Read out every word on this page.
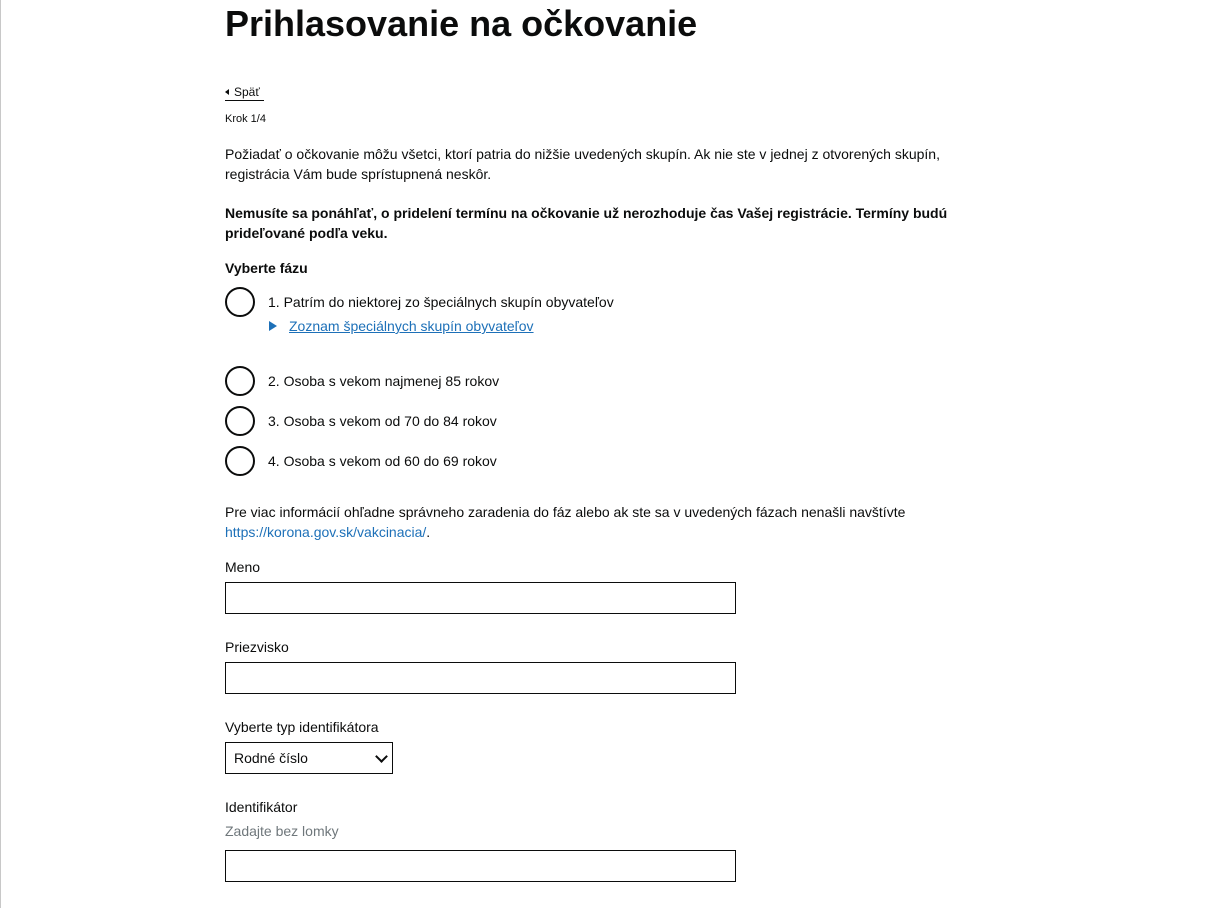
Prihlasovanie na očkovanie
Späť
Krok 1/4

Požiadať o očkovanie môžu všetci, ktorí patria do nižšie uvedených skupín. Ak nie ste v jednej z otvorených skupín, registrácia Vám bude sprístupnená neskôr.

Nemusíte sa ponáhľať, o pridelení termínu na očkovanie už nerozhoduje čas Vašej registrácie. Termíny budú prideľované podľa veku.

Vyberte fázu
1. Patrím do niektorej zo špeciálnych skupín obyvateľov
Zoznam špeciálnych skupín obyvateľov
2. Osoba s vekom najmenej 85 rokov
3. Osoba s vekom od 70 do 84 rokov
4. Osoba s vekom od 60 do 69 rokov

Pre viac informácií ohľadne správneho zaradenia do fáz alebo ak ste sa v uvedených fázach nenašli navštívte https://korona.gov.sk/vakcinacia/.

Meno
Priezvisko
Vyberte typ identifikátora
Rodné číslo
Identifikátor
Zadajte bez lomky
